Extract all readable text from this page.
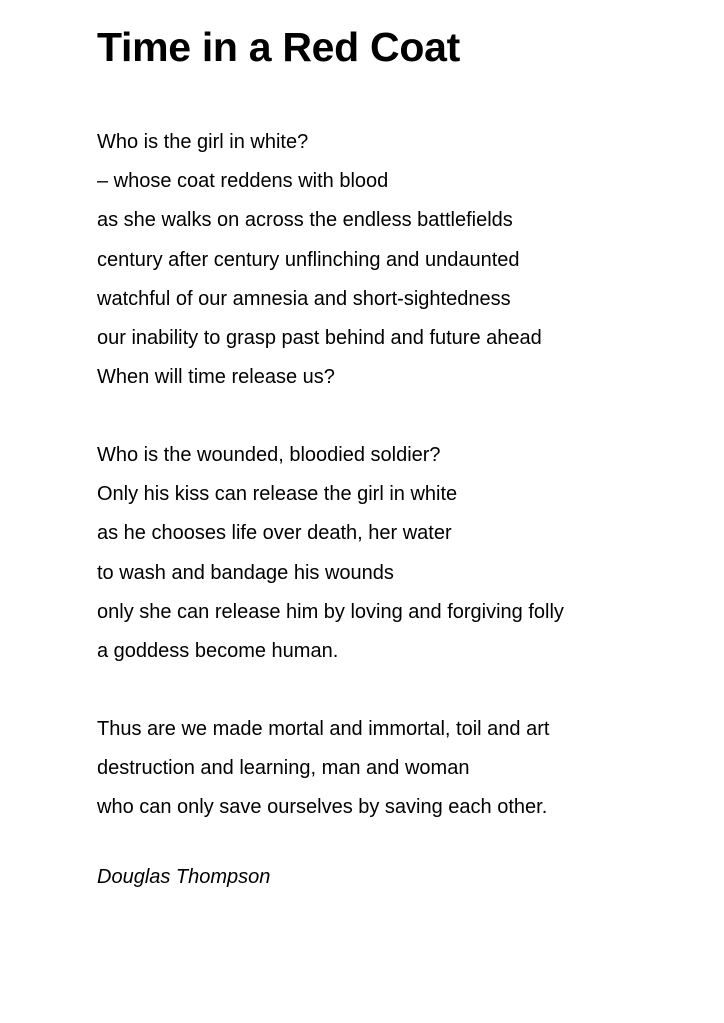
Time in a Red Coat
Who is the girl in white?
– whose coat reddens with blood
as she walks on across the endless battlefields
century after century unflinching and undaunted
watchful of our amnesia and short-sightedness
our inability to grasp past behind and future ahead
When will time release us?
Who is the wounded, bloodied soldier?
Only his kiss can release the girl in white
as he chooses life over death, her water
to wash and bandage his wounds
only she can release him by loving and forgiving folly
a goddess become human.
Thus are we made mortal and immortal, toil and art
destruction and learning, man and woman
who can only save ourselves by saving each other.

Douglas Thompson
